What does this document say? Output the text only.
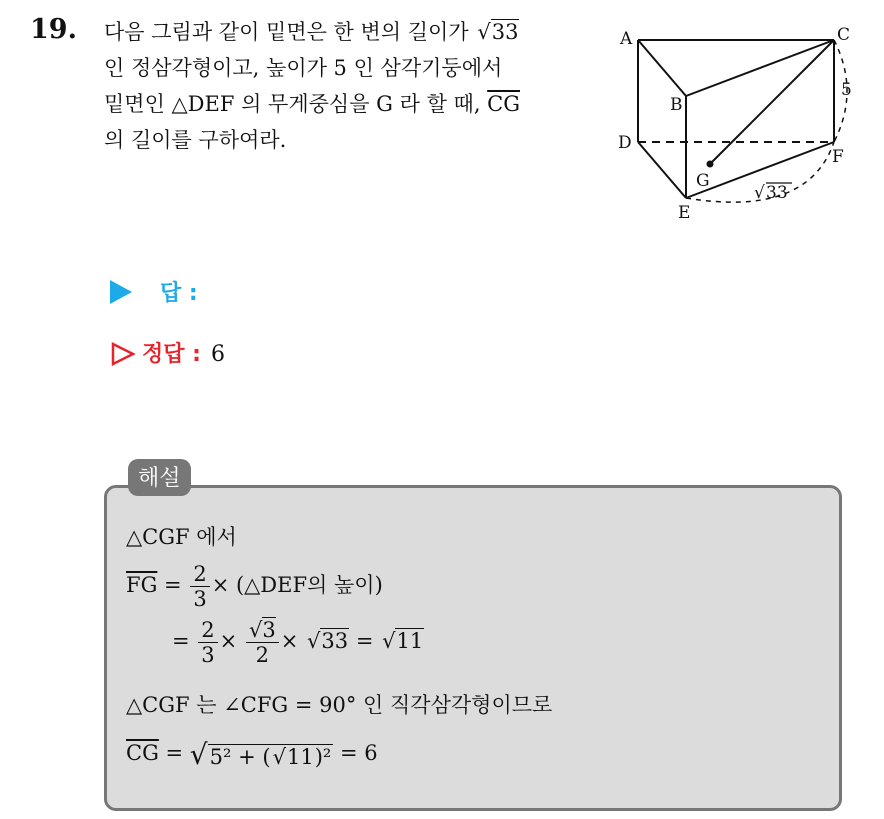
19. 다음 그림과 같이 밑면은 한 변의 길이가 √33
인 정삼각형이고, 높이가 5 인 삼각기둥에서
밑면인 △DEF 의 무게중심을 G 라 할 때, $\overline{CG}$
의 길이를 구하여라.
A
B
C
D
E
F
G
5
√ 33
답 :
정답 : 6
해설
△CGF 에서
$\overline{FG} = \frac{2}{3}$ × (△DEF의 높이)
= $\frac{2}{3} \times \frac{√3}{2} \times √33 = √11$
△CGF 는 ∠CFG = 90° 인 직각삼각형이므로
$\overline{CG} = √5^2 + (√11)^2 = 6$
